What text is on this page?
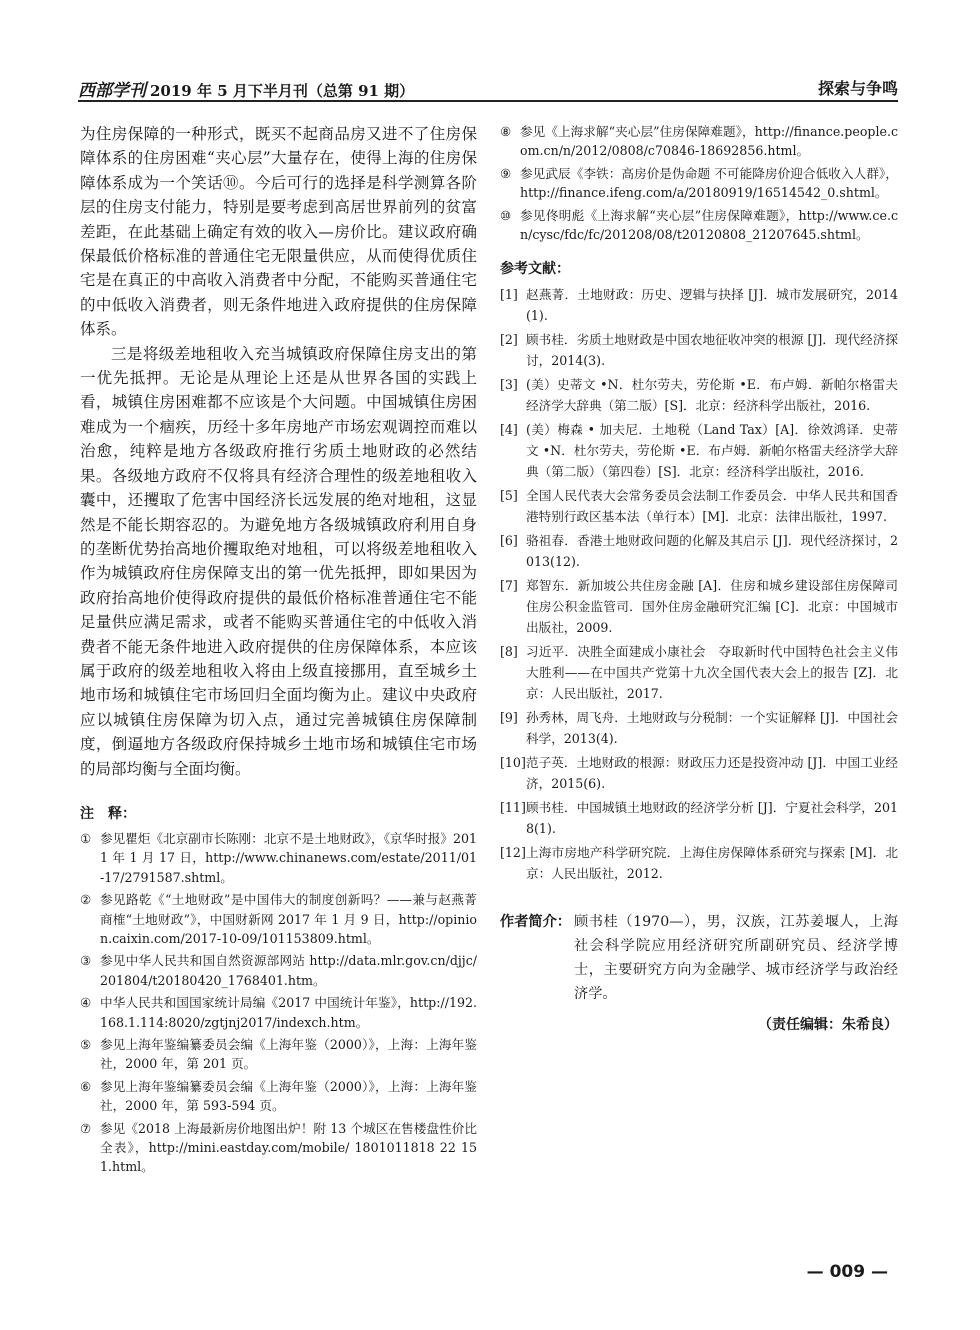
西部学刊 2019 年 5 月下半月刊（总第 91 期）	探索与争鸣

为住房保障的一种形式，既买不起商品房又进不了住房保障体系的住房困难“夹心层”大量存在，使得上海的住房保障体系成为一个笑话⑩。今后可行的选择是科学测算各阶层的住房支付能力，特别是要考虑到高居世界前列的贫富差距，在此基础上确定有效的收入—房价比。建议政府确保最低价格标准的普通住宅无限量供应，从而使得优质住宅是在真正的中高收入消费者中分配，不能购买普通住宅的中低收入消费者，则无条件地进入政府提供的住房保障体系。

三是将级差地租收入充当城镇政府保障住房支出的第一优先抵押。无论是从理论上还是从世界各国的实践上看，城镇住房困难都不应该是个大问题。中国城镇住房困难成为一个痼疾，历经十多年房地产市场宏观调控而难以治愈，纯粹是地方各级政府推行劣质土地财政的必然结果。各级地方政府不仅将具有经济合理性的级差地租收入囊中，还攫取了危害中国经济长远发展的绝对地租，这显然是不能长期容忍的。为避免地方各级城镇政府利用自身的垄断优势抬高地价攫取绝对地租，可以将级差地租收入作为城镇政府住房保障支出的第一优先抵押，即如果因为政府抬高地价使得政府提供的最低价格标准普通住宅不能足量供应满足需求，或者不能购买普通住宅的中低收入消费者不能无条件地进入政府提供的住房保障体系，本应该属于政府的级差地租收入将由上级直接挪用，直至城乡土地市场和城镇住宅市场回归全面均衡为止。建议中央政府应以城镇住房保障为切入点，通过完善城镇住房保障制度，倒逼地方各级政府保持城乡土地市场和城镇住宅市场的局部均衡与全面均衡。

注　释：
① 参见瞿炬《北京副市长陈刚：北京不是土地财政》，《京华时报》2011 年 1 月 17 日，http://www.chinanews.com/estate/2011/01-17/2791587.shtml。
② 参见路乾《“土地财政”是中国伟大的制度创新吗？——兼与赵燕菁商榷“土地财政”》，中国财新网 2017 年 1 月 9 日，http://opinion.caixin.com/2017-10-09/101153809.html。
③ 参见中华人民共和国自然资源部网站 http://data.mlr.gov.cn/djjc/201804/t20180420_1768401.htm。
④ 中华人民共和国国家统计局编《2017 中国统计年鉴》，http://192.168.1.114:8020/zgtjnj2017/indexch.htm。
⑤ 参见上海年鉴编纂委员会编《上海年鉴（2000）》，上海：上海年鉴社，2000 年，第 201 页。
⑥ 参见上海年鉴编纂委员会编《上海年鉴（2000）》，上海：上海年鉴社，2000 年，第 593-594 页。
⑦ 参见《2018 上海最新房价地图出炉！附 13 个城区在售楼盘性价比全表》，http://mini.eastday.com/mobile/ 1801011818 22 151.html。
⑧ 参见《上海求解“夹心层”住房保障难题》，http://finance.people.com.cn/n/2012/0808/c70846-18692856.html。
⑨ 参见武辰《李铁：高房价是伪命题 不可能降房价迎合低收入人群》，http://finance.ifeng.com/a/20180919/16514542_0.shtml。
⑩ 参见佟明彪《上海求解“夹心层”住房保障难题》，http://www.ce.cn/cysc/fdc/fc/201208/08/t20120808_21207645.shtml。
参考文献：
[1] 赵燕菁．土地财政：历史、逻辑与抉择 [J]．城市发展研究，2014(1).
[2] 顾书桂．劣质土地财政是中国农地征收冲突的根源 [J]．现代经济探讨，2014(3).
[3] (美）史蒂文 •N．杜尔劳夫，劳伦斯 •E．布卢姆．新帕尔格雷夫经济学大辞典（第二版）[S]．北京：经济科学出版社，2016.
[4] (美）梅森 • 加夫尼．土地税（Land Tax）[A]．徐效鸿译．史蒂文 •N．杜尔劳夫，劳伦斯 •E．布卢姆．新帕尔格雷夫经济学大辞典（第二版）（第四卷）[S]．北京：经济科学出版社，2016.
[5] 全国人民代表大会常务委员会法制工作委员会．中华人民共和国香港特别行政区基本法（单行本）[M]．北京：法律出版社，1997.
[6] 骆祖春．香港土地财政问题的化解及其启示 [J]．现代经济探讨，2013(12).
[7] 郑智东．新加坡公共住房金融 [A]．住房和城乡建设部住房保障司住房公积金监管司．国外住房金融研究汇编 [C]．北京：中国城市出版社，2009.
[8] 习近平．决胜全面建成小康社会　夺取新时代中国特色社会主义伟大胜利——在中国共产党第十九次全国代表大会上的报告 [Z]．北京：人民出版社，2017.
[9] 孙秀林，周飞舟．土地财政与分税制：一个实证解释 [J]．中国社会科学，2013(4).
[10] 范子英．土地财政的根源：财政压力还是投资冲动 [J]．中国工业经济，2015(6).
[11] 顾书桂．中国城镇土地财政的经济学分析 [J]．宁夏社会科学，2018(1).
[12] 上海市房地产科学研究院．上海住房保障体系研究与探索 [M]．北京：人民出版社，2012.
作者简介： 顾书桂（1970—），男，汉族，江苏姜堰人，上海社会科学院应用经济研究所副研究员、经济学博士，主要研究方向为金融学、城市经济学与政治经济学。
（责任编辑：朱希良）
— 009 —
